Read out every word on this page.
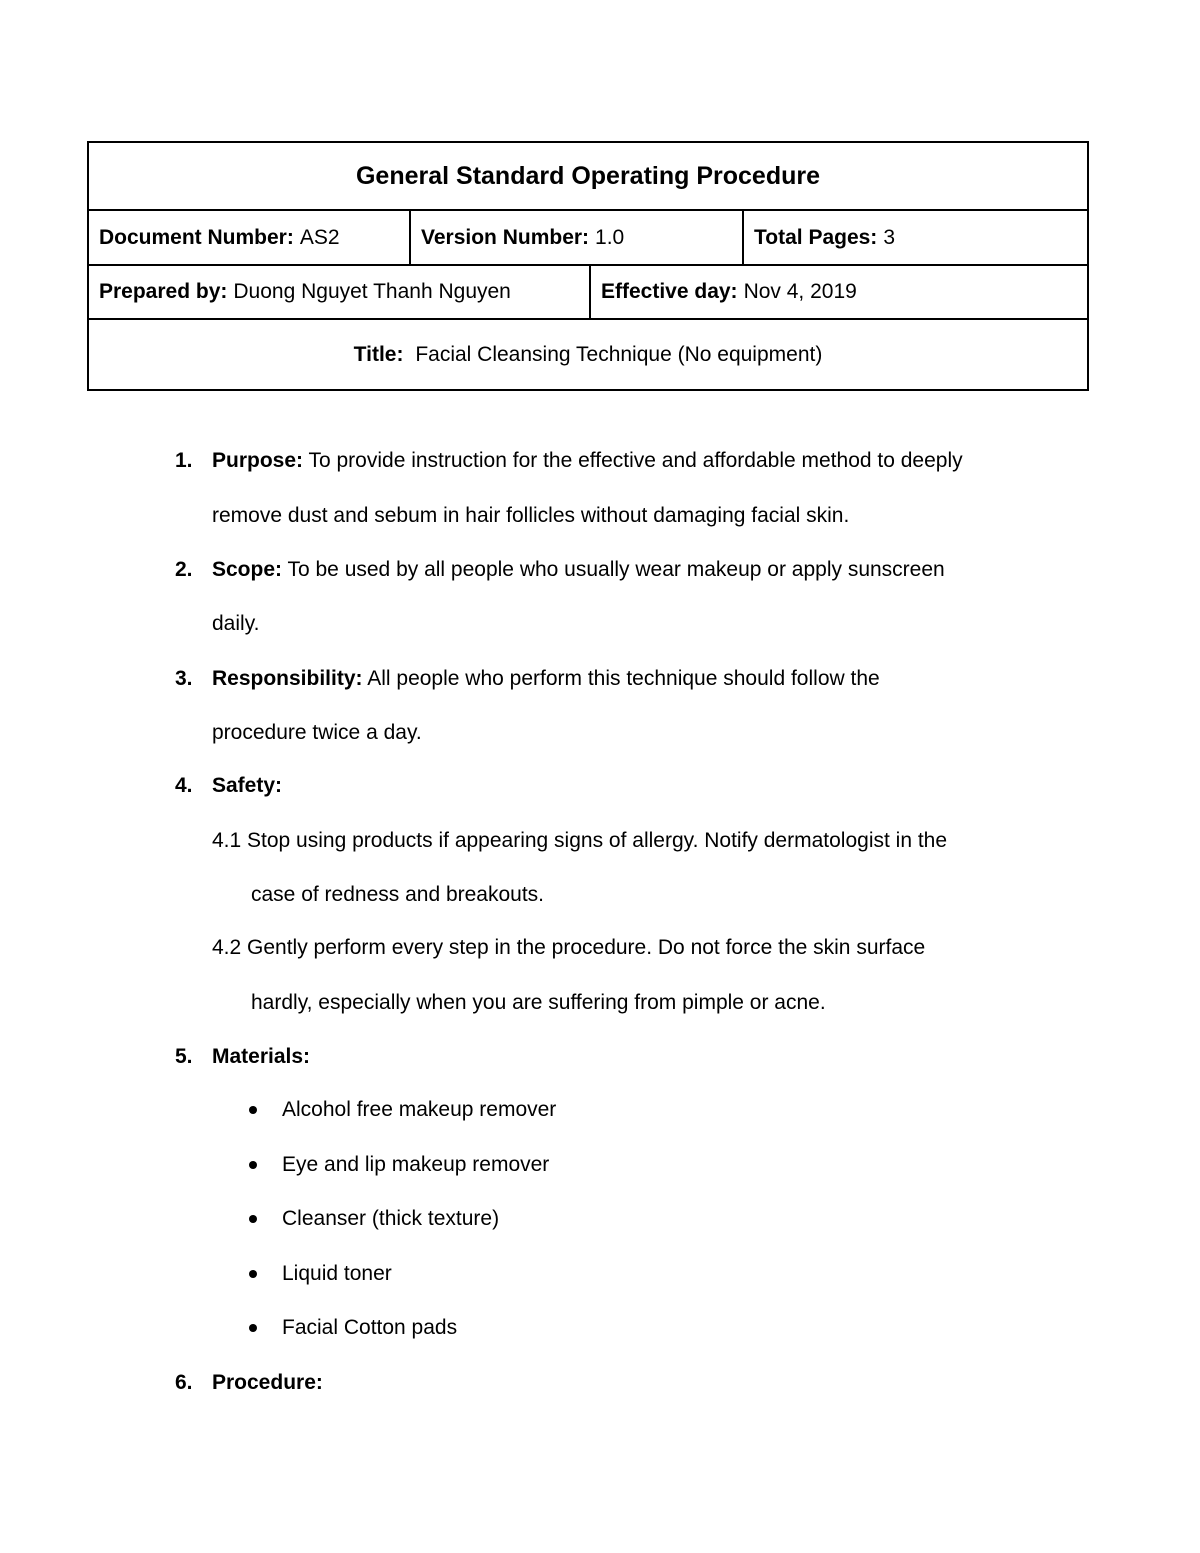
General Standard Operating Procedure
Document Number: AS2	Version Number: 1.0	Total Pages: 3
Prepared by: Duong Nguyet Thanh Nguyen	Effective day: Nov 4, 2019
Title: Facial Cleansing Technique (No equipment)
1. Purpose: To provide instruction for the effective and affordable method to deeply
remove dust and sebum in hair follicles without damaging facial skin.
2. Scope: To be used by all people who usually wear makeup or apply sunscreen
daily.
3. Responsibility: All people who perform this technique should follow the
procedure twice a day.
4. Safety:
4.1 Stop using products if appearing signs of allergy. Notify dermatologist in the
case of redness and breakouts.
4.2 Gently perform every step in the procedure. Do not force the skin surface
hardly, especially when you are suffering from pimple or acne.
5. Materials:
Alcohol free makeup remover
Eye and lip makeup remover
Cleanser (thick texture)
Liquid toner
Facial Cotton pads
6. Procedure:
